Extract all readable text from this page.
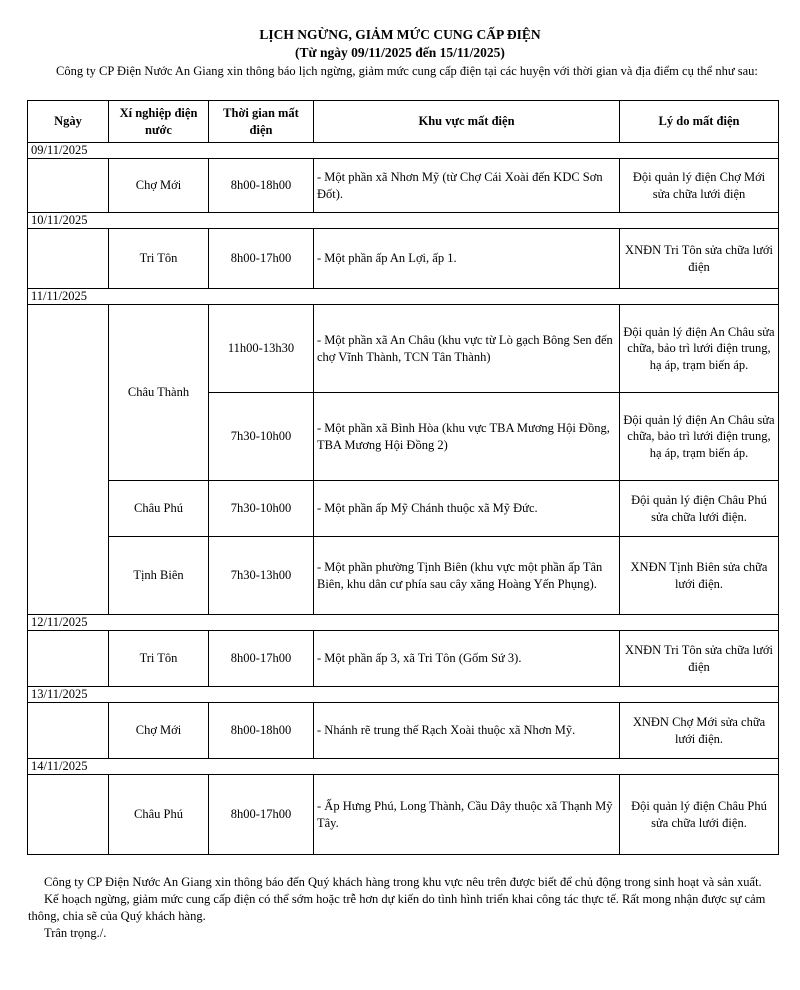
LỊCH NGỪNG, GIẢM MỨC CUNG CẤP ĐIỆN
(Từ ngày 09/11/2025 đến 15/11/2025)
Công ty CP Điện Nước An Giang xin thông báo lịch ngừng, giảm mức cung cấp điện tại các huyện với thời gian và địa điểm cụ thể như sau:
Ngày	Xí nghiệp điện nước	Thời gian mất điện	Khu vực mất điện	Lý do mất điện
09/11/2025				
	Chợ Mới	8h00-18h00	- Một phần xã Nhơn Mỹ (từ Chợ Cái Xoài đến KDC Sơn Đốt).	Đội quản lý điện Chợ Mới sửa chữa lưới điện
10/11/2025				
	Tri Tôn	8h00-17h00	- Một phần ấp An Lợi, ấp 1.	XNĐN Tri Tôn sửa chữa lưới điện
11/11/2025				
	Châu Thành	11h00-13h30	- Một phần xã An Châu (khu vực từ Lò gạch Bông Sen đến chợ Vĩnh Thành, TCN Tân Thành)	Đội quản lý điện An Châu sửa chữa, bảo trì lưới điện trung, hạ áp, trạm biến áp.
		7h30-10h00	- Một phần xã Bình Hòa (khu vực TBA Mương Hội Đồng, TBA Mương Hội Đồng 2)	Đội quản lý điện An Châu sửa chữa, bảo trì lưới điện trung, hạ áp, trạm biến áp.
	Châu Phú	7h30-10h00	- Một phần ấp Mỹ Chánh thuộc xã Mỹ Đức.	Đội quản lý điện Châu Phú sửa chữa lưới điện.
	Tịnh Biên	7h30-13h00	- Một phần phường Tịnh Biên (khu vực một phần ấp Tân Biên, khu dân cư phía sau cây xăng Hoàng Yến Phụng).	XNĐN Tịnh Biên sửa chữa lưới điện.
12/11/2025				
	Tri Tôn	8h00-17h00	- Một phần ấp 3, xã Tri Tôn (Gốm Sứ 3).	XNĐN Tri Tôn sửa chữa lưới điện
13/11/2025				
	Chợ Mới	8h00-18h00	- Nhánh rẽ trung thế Rạch Xoài thuộc xã Nhơn Mỹ.	XNĐN Chợ Mới sửa chữa lưới điện.
14/11/2025				
	Châu Phú	8h00-17h00	- Ấp Hưng Phú, Long Thành, Cầu Dây thuộc xã Thạnh Mỹ Tây.	Đội quản lý điện Châu Phú sửa chữa lưới điện.

Công ty CP Điện Nước An Giang xin thông báo đến Quý khách hàng trong khu vực nêu trên được biết để chủ động trong sinh hoạt và sản xuất.

Kế hoạch ngừng, giảm mức cung cấp điện có thể sớm hoặc trễ hơn dự kiến do tình hình triển khai công tác thực tế. Rất mong nhận được sự cảm thông, chia sẽ của Quý khách hàng.

Trân trọng./.
